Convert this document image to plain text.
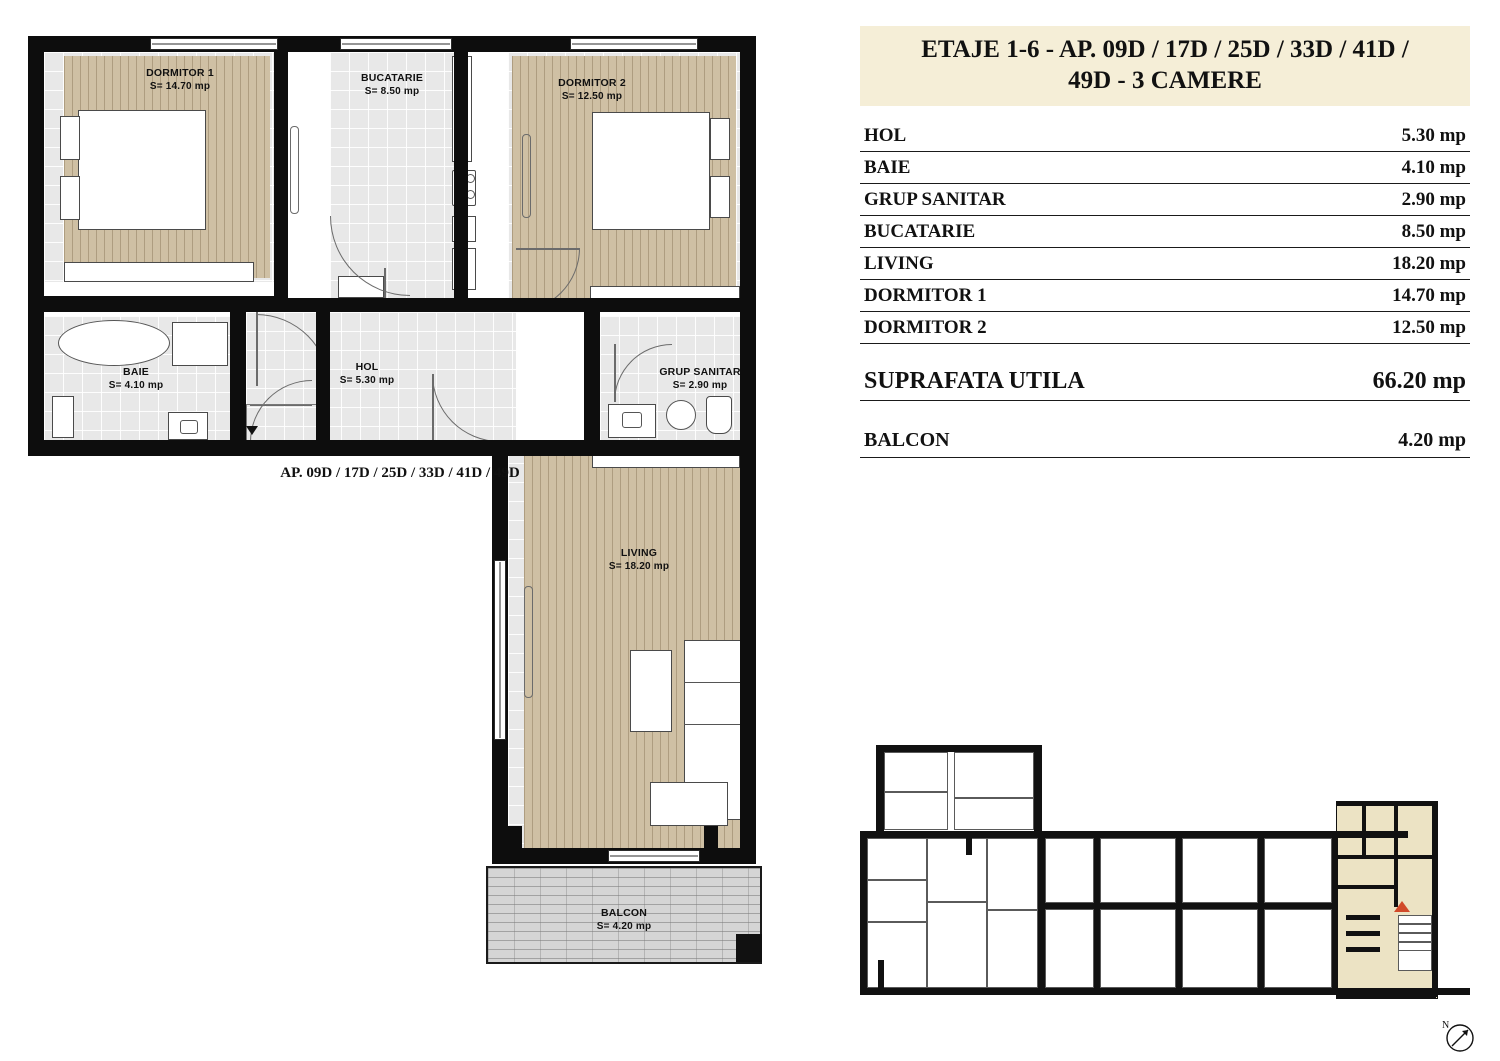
DORMITOR 1
S= 14.70 mp
BUCATARIE
S= 8.50 mp
DORMITOR 2
S= 12.50 mp
BAIE
S= 4.10 mp
HOL
S= 5.30 mp
GRUP SANITAR
S= 2.90 mp
LIVING
S= 18.20 mp
BALCON
S= 4.20 mp
AP. 09D / 17D / 25D / 33D / 41D / 49D
ETAJE 1-6 - AP. 09D / 17D / 25D / 33D / 41D /
49D - 3 CAMERE
HOL	5.30 mp
BAIE	4.10 mp
GRUP SANITAR	2.90 mp
BUCATARIE	8.50 mp
LIVING	18.20 mp
DORMITOR 1	14.70 mp
DORMITOR 2	12.50 mp
SUPRAFATA UTILA	66.20 mp
BALCON	4.20 mp
N
